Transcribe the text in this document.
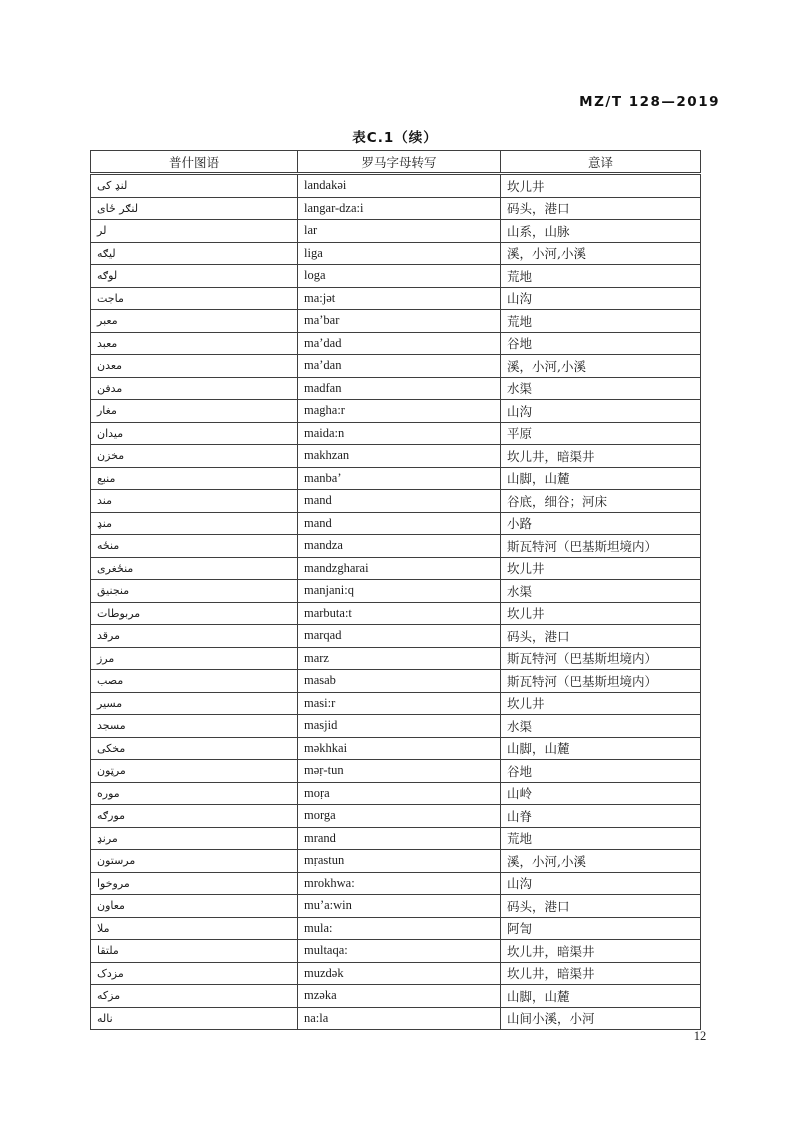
MZ/T 128—2019
表C.1（续）
普什图语	罗马字母转写	意译
لنډ کی	landakəi	坎儿井
لنګر ځای	langar-dza:i	码头，港口
لر	lar	山系，山脉
ليګه	liga	溪，小河,小溪
لوګه	loga	荒地
ماجت	ma:jət	山沟
معبر	ma’bar	荒地
معبد	ma’dad	谷地
معدن	ma’dan	溪，小河,小溪
مدفن	madfan	水渠
مغار	magha:r	山沟
ميدان	maida:n	平原
مخزن	makhzan	坎儿井，暗渠井
منبع	manba’	山脚，山麓
مند	mand	谷底，细谷；河床
منډ	mand	小路
منځه	mandza	斯瓦特河（巴基斯坦境内）
منځغری	mandzgharai	坎儿井
منجنيق	manjani:q	水渠
مربوطات	marbuta:t	坎儿井
مرقد	marqad	码头，港口
مرز	marz	斯瓦特河（巴基斯坦境内）
مصب	masab	斯瓦特河（巴基斯坦境内）
مسير	masi:r	坎儿井
مسجد	masjid	水渠
مخکی	məkhkai	山脚，山麓
مرټون	məṛ-tun	谷地
موره	moṛa	山岭
مورګه	morga	山脊
مرنډ	mrand	荒地
مرستون	mṛastun	溪，小河,小溪
مروخوا	mrokhwa:	山沟
معاون	mu’a:win	码头，港口
ملا	mula:	阿訇
ملتقا	multaqa:	坎儿井，暗渠井
مزدک	muzdək	坎儿井，暗渠井
مزکه	mzəka	山脚，山麓
ناله	na:la	山间小溪，小河
12
